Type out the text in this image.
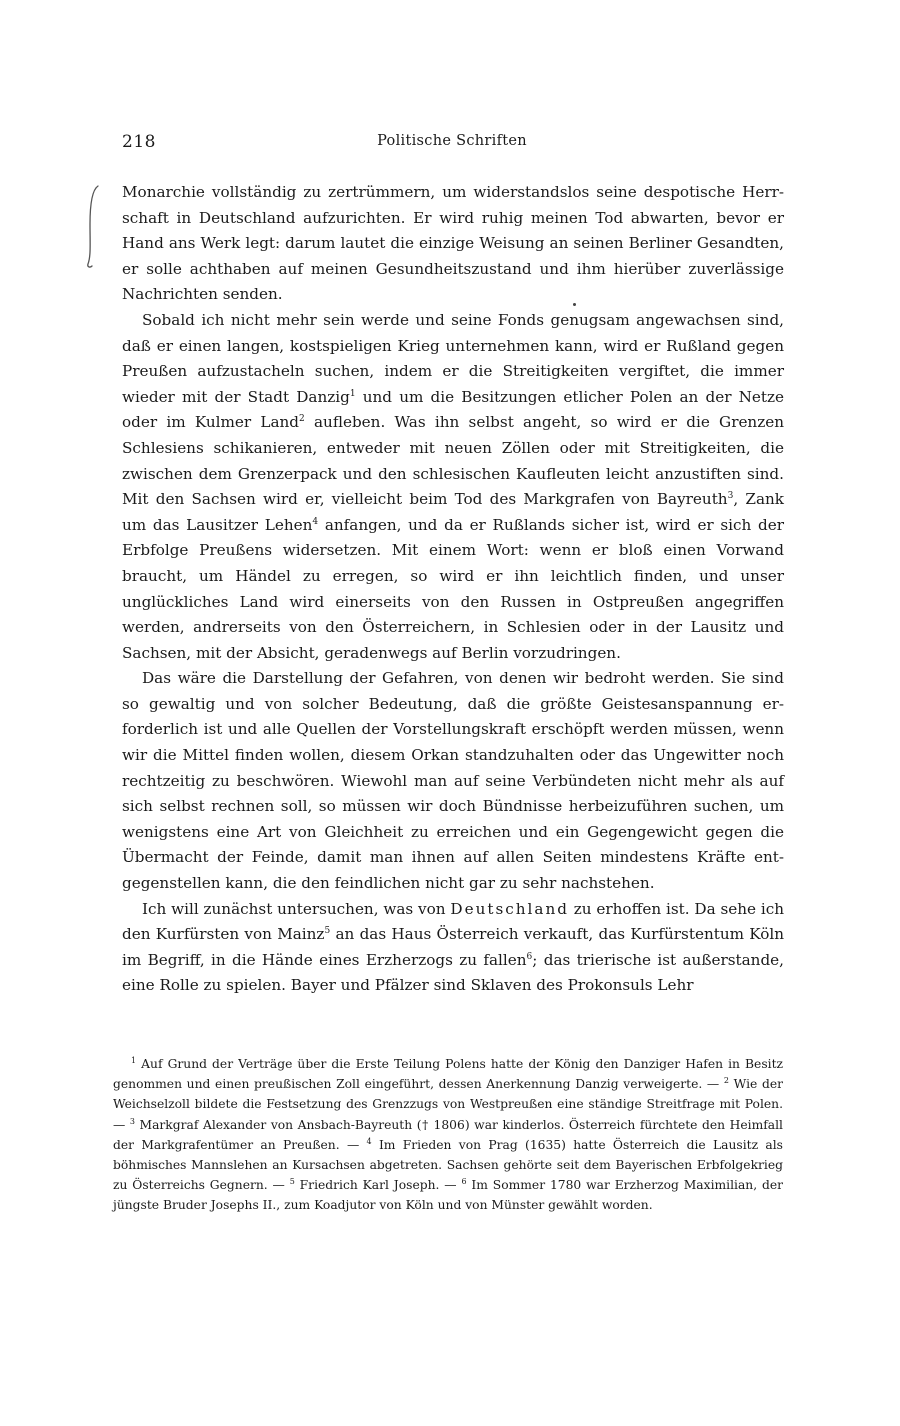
218	Politische Schriften

Monarchie vollständig zu zertrümmern, um widerstandslos seine despotische Herrschaft in Deutschland aufzurichten. Er wird ruhig meinen Tod abwarten, bevor er Hand ans Werk legt: darum lautet die einzige Weisung an seinen Berliner Gesandten, er solle achthaben auf meinen Gesundheitszustand und ihm hierüber zuverlässige Nachrichten senden.

Sobald ich nicht mehr sein werde und seine Fonds genugsam angewachsen sind, daß er einen langen, kostspieligen Krieg unternehmen kann, wird er Rußland gegen Preußen aufzustacheln suchen, indem er die Streitigkeiten vergiftet, die immer wieder mit der Stadt Danzig$^1$ und um die Besitzungen etlicher Polen an der Netze oder im Kulmer Land$^2$ aufleben. Was ihn selbst angeht, so wird er die Grenzen Schlesiens schikanieren, entweder mit neuen Zöllen oder mit Streitigkeiten, die zwischen dem Grenzerpack und den schlesischen Kaufleuten leicht anzustiften sind. Mit den Sachsen wird er, vielleicht beim Tod des Markgrafen von Bayreuth$^3$, Zank um das Lausitzer Lehen$^4$ anfangen, und da er Rußlands sicher ist, wird er sich der Erbfolge Preußens widersetzen. Mit einem Wort: wenn er bloß einen Vorwand braucht, um Händel zu erregen, so wird er ihn leichtlich finden, und unser unglückliches Land wird einerseits von den Russen in Ostpreußen angegriffen werden, andrerseits von den Österreichern, in Schlesien oder in der Lausitz und Sachsen, mit der Absicht, geradenwegs auf Berlin vorzudringen.

Das wäre die Darstellung der Gefahren, von denen wir bedroht werden. Sie sind so gewaltig und von solcher Bedeutung, daß die größte Geistesanspannung erforderlich ist und alle Quellen der Vorstellungskraft erschöpft werden müssen, wenn wir die Mittel finden wollen, diesem Orkan standzuhalten oder das Ungewitter noch rechtzeitig zu beschwören. Wiewohl man auf seine Verbündeten nicht mehr als auf sich selbst rechnen soll, so müssen wir doch Bündnisse herbeizuführen suchen, um wenigstens eine Art von Gleichheit zu erreichen und ein Gegengewicht gegen die Übermacht der Feinde, damit man ihnen auf allen Seiten mindestens Kräfte entgegenstellen kann, die den feindlichen nicht gar zu sehr nachstehen.

Ich will zunächst untersuchen, was von Deutschland zu erhoffen ist. Da sehe ich den Kurfürsten von Mainz$^5$ an das Haus Österreich verkauft, das Kurfürstentum Köln im Begriff, in die Hände eines Erzherzogs zu fallen$^6$; das trierische ist außerstande, eine Rolle zu spielen. Bayer und Pfälzer sind Sklaven des Prokonsuls Lehr

$^1$ Auf Grund der Verträge über die Erste Teilung Polens hatte der König den Danziger Hafen in Besitz genommen und einen preußischen Zoll eingeführt, dessen Anerkennung Danzig verweigerte. — $^2$ Wie der Weichselzoll bildete die Festsetzung des Grenzzugs von Westpreußen eine ständige Streitfrage mit Polen. — $^3$ Markgraf Alexander von Ansbach-Bayreuth († 1806) war kinderlos. Österreich fürchtete den Heimfall der Markgrafentümer an Preußen. — $^4$ Im Frieden von Prag (1635) hatte Österreich die Lausitz als böhmisches Mannslehen an Kursachsen abgetreten. Sachsen gehörte seit dem Bayerischen Erbfolgekrieg zu Österreichs Gegnern. — $^5$ Friedrich Karl Joseph. — $^6$ Im Sommer 1780 war Erzherzog Maximilian, der jüngste Bruder Josephs II., zum Koadjutor von Köln und von Münster gewählt worden.
